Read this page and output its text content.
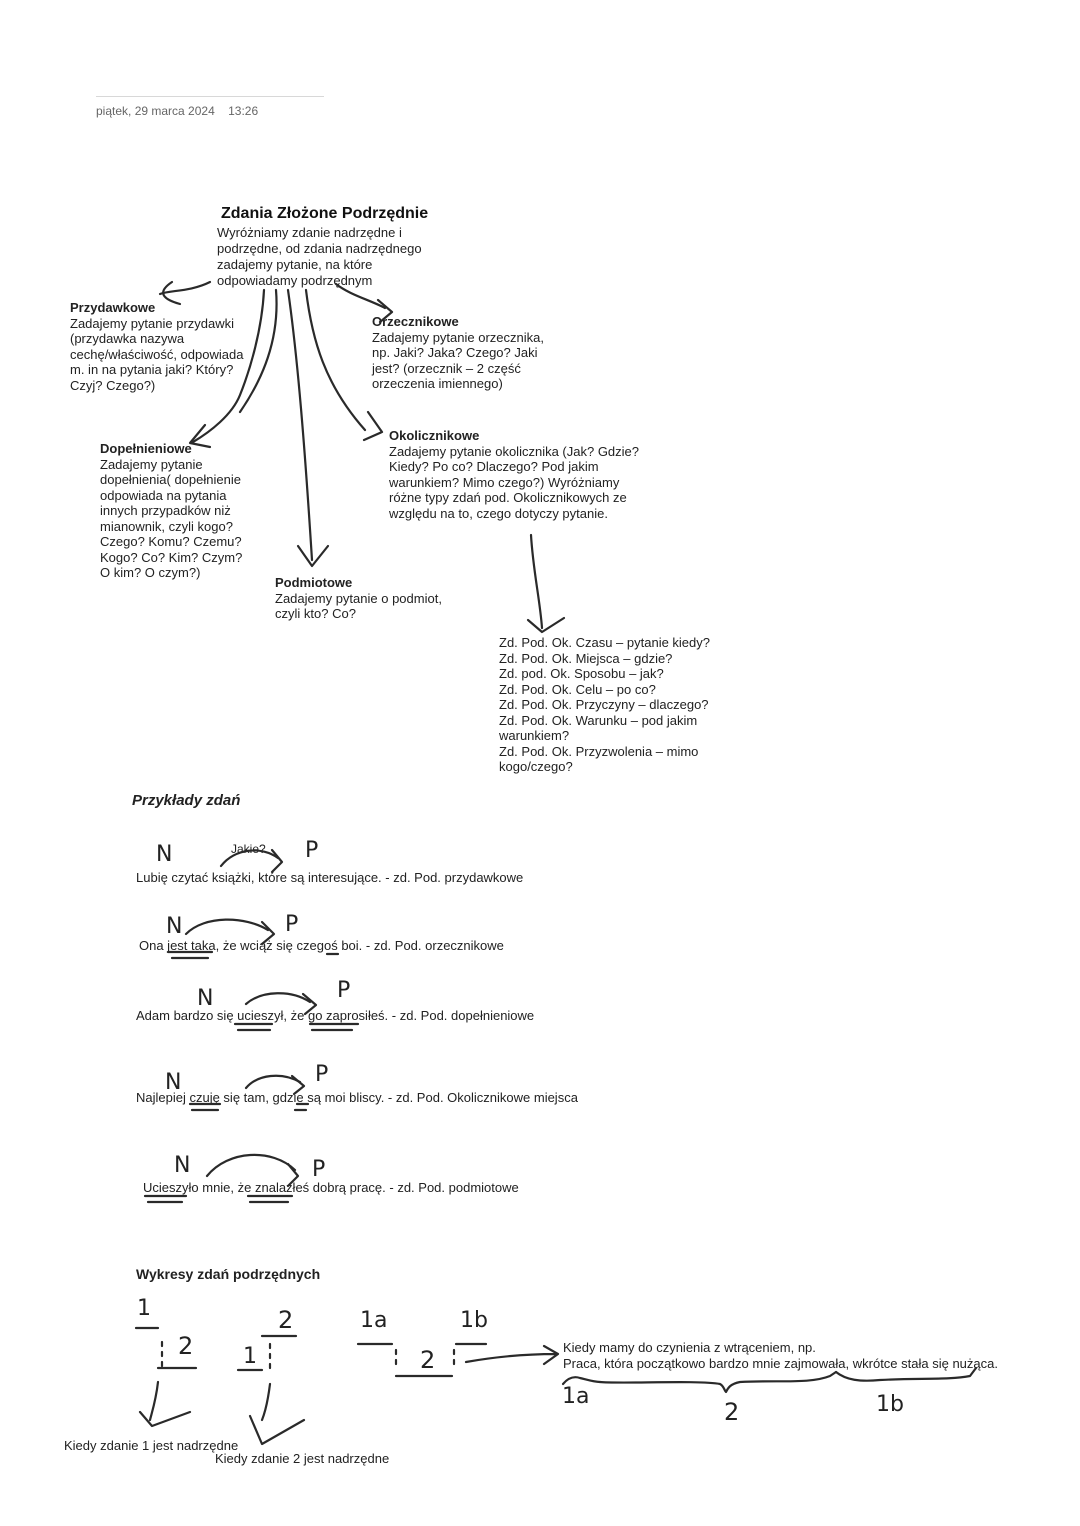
piątek, 29 marca 2024 13:26
Zdania Złożone Podrzędnie
Wyróżniamy zdanie nadrzędne i podrzędne, od zdania nadrzędnego zadajemy pytanie, na które odpowiadamy podrzędnym
Przydawkowe
Zadajemy pytanie przydawki (przydawka nazywa cechę/właściwość, odpowiada m. in na pytania jaki? Który? Czyj? Czego?)
Orzecznikowe
Zadajemy pytanie orzecznika, np. Jaki? Jaka? Czego? Jaki jest? (orzecznik – 2 część orzeczenia imiennego)
Dopełnieniowe
Zadajemy pytanie dopełnienia( dopełnienie odpowiada na pytania innych przypadków niż mianownik, czyli kogo? Czego? Komu? Czemu? Kogo? Co? Kim? Czym? O kim? O czym?)
Okolicznikowe
Zadajemy pytanie okolicznika (Jak? Gdzie? Kiedy? Po co? Dlaczego? Pod jakim warunkiem? Mimo czego?) Wyróżniamy różne typy zdań pod. Okolicznikowych ze względu na to, czego dotyczy pytanie.
Podmiotowe
Zadajemy pytanie o podmiot, czyli kto? Co?
Zd. Pod. Ok. Czasu – pytanie kiedy?
Zd. Pod. Ok. Miejsca – gdzie?
Zd. pod. Ok. Sposobu – jak?
Zd. Pod. Ok. Celu – po co?
Zd. Pod. Ok. Przyczyny – dlaczego?
Zd. Pod. Ok. Warunku – pod jakim warunkiem?
Zd. Pod. Ok. Przyzwolenia – mimo kogo/czego?
Przykłady zdań
Lubię czytać książki, które są interesujące. - zd. Pod. przydawkowe
Ona jest taka, że wciąż się czegoś boi. - zd. Pod. orzecznikowe
Adam bardzo się ucieszył, że go zaprosiłeś. - zd. Pod. dopełnieniowe
Najlepiej czuję się tam, gdzie są moi bliscy. - zd. Pod. Okolicznikowe miejsca
Ucieszyło mnie, że znalazłeś dobrą pracę. - zd. Pod. podmiotowe
Jakie?
N	P
N	P
N	P
N	P
N	P
Wykresy zdań podrzędnych
1
2
2
1
1a	1b
2
1a
2	1b
Kiedy mamy do czynienia z wtrąceniem, np.
Praca, która początkowo bardzo mnie zajmowała, wkrótce stała się nużąca.
Kiedy zdanie 1 jest nadrzędne
Kiedy zdanie 2 jest nadrzędne
